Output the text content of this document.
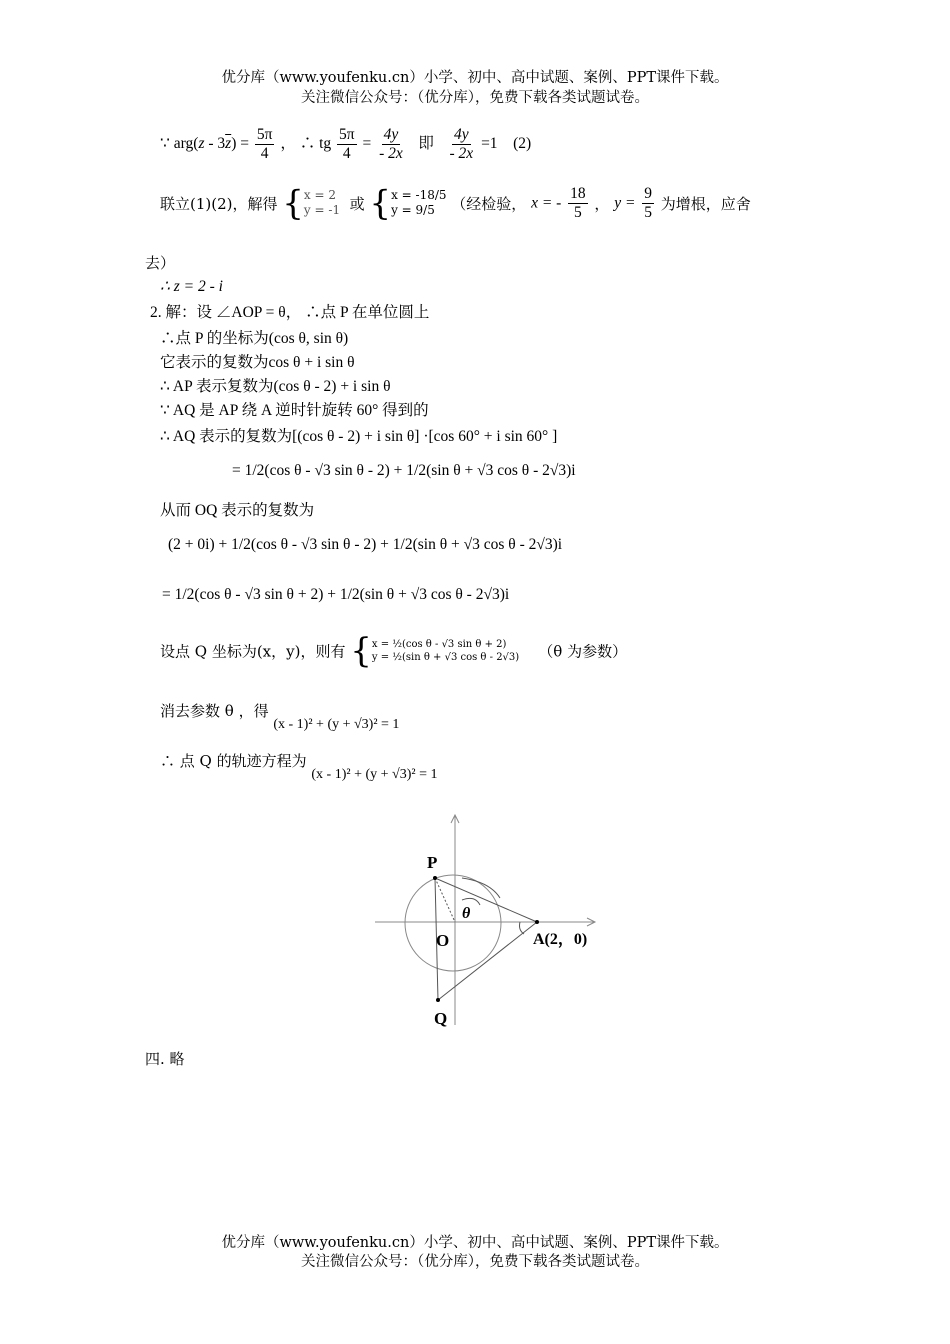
优分库（www.youfenku.cn）小学、初中、高中试题、案例、PPT课件下载。
关注微信公众号：（优分库），免费下载各类试题试卷。
∵ $arg(z - 3\overline{z}) = \frac{5\pi}{4}$ ， ∴ tg $\frac{5\pi}{4} = \frac{4y}{- 2x}$ 即 $\frac{4y}{- 2x} =1$ (2)
联立(1)(2)，解得 { x = 2
y = -1 或 { x = -18/5
y = 9/5	（经检验， x = - $\frac{18}{5}$ ， $y = \frac{9}{5}$ 为增根，应舍
去）
∴ z = 2 - i
2. 解：设 ∠AOP = θ， ∴点 P 在单位圆上
∴点 P 的坐标为(cos θ, sin θ)
它表示的复数为cos θ + i sin θ
∴ AP 表示复数为(cos θ - 2) + i sin θ
∵ AQ 是 AP 绕 A 逆时针旋转 60° 得到的
∴ AQ 表示的复数为[(cos θ - 2) + i sin θ] ·[cos 60° + i sin 60° ]
= 1/2(cos θ - √3 sin θ - 2) + 1/2(sin θ + √3 cos θ - 2√3)i
从而 OQ 表示的复数为
(2 + 0i) + 1/2(cos θ - √3 sin θ - 2) + 1/2(sin θ + √3 cos θ - 2√3)i
= 1/2(cos θ - √3 sin θ + 2) + 1/2(sin θ + √3 cos θ - 2√3)i
设点 Q 坐标为(x，y)，则有 { x = ½(cos θ - √3 sin θ + 2)
y = ½(sin θ + √3 cos θ - 2√3) （θ 为参数）
消去参数 θ ，得 (x - 1)² + (y + √3)² = 1
∴ 点 Q 的轨迹方程为 (x - 1)² + (y + √3)² = 1
P
O
Q
A(2，0)
θ
四. 略
优分库（www.youfenku.cn）小学、初中、高中试题、案例、PPT课件下载。
关注微信公众号：（优分库），免费下载各类试题试卷。
